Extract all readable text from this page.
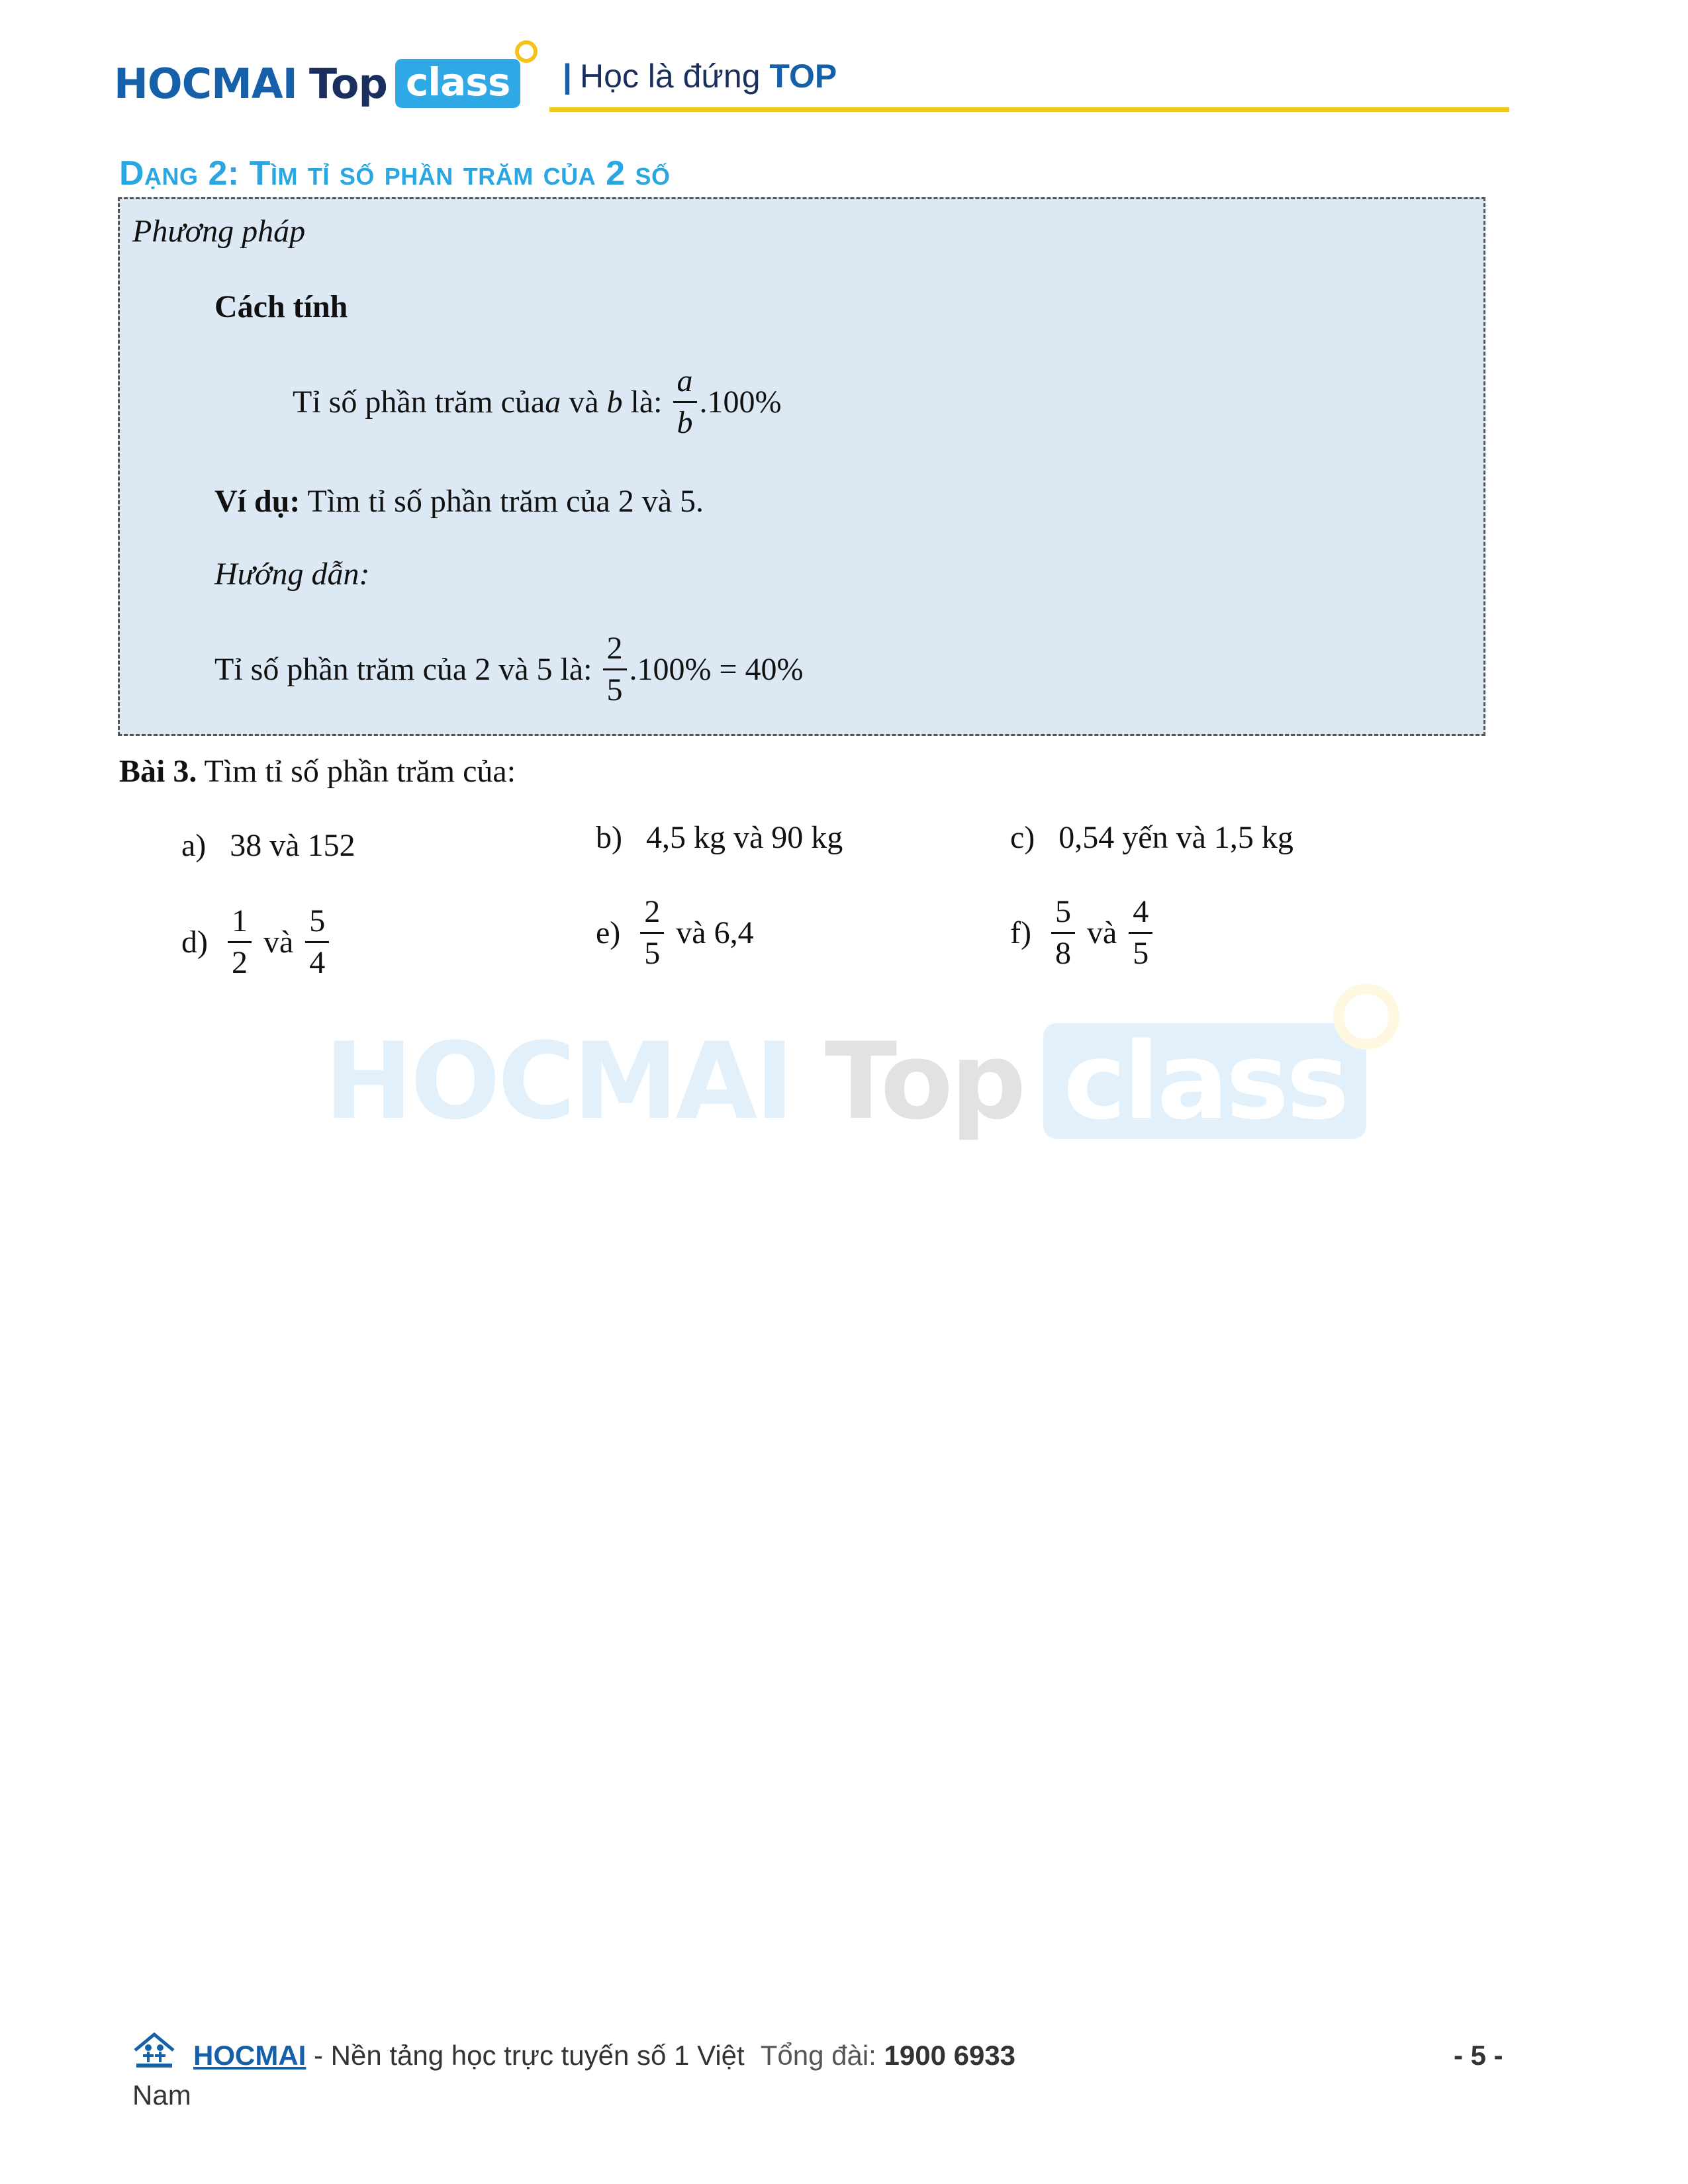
HOCMAI Top class	| Học là đứng TOP
Dạng 2: Tìm tỉ số phần trăm của 2 số
Phương pháp
Cách tính
Tỉ số phần trăm của a và b là: $\frac{a}{b} .100\%$
Ví dụ: Tìm tỉ số phần trăm của 2 và 5.
Hướng dẫn:
Tỉ số phần trăm của 2 và 5 là: $\frac{2}{5} .100\% = 40\%$
Bài 3. Tìm tỉ số phần trăm của:
a) 38 và 152	b) 4,5 kg và 90 kg	c) 0,54 yến và 1,5 kg
$d) \frac{1}{2}$ và $\frac{5}{4}$	$e) \frac{2}{5}$ và 6,4	$f) \frac{5}{8}$ và $\frac{4}{5}$
HOCMAI Top class
HOCMAI - Nền tảng học trực tuyến số 1 Việt Tổng đài: 1900 6933
Nam
- 5 -
